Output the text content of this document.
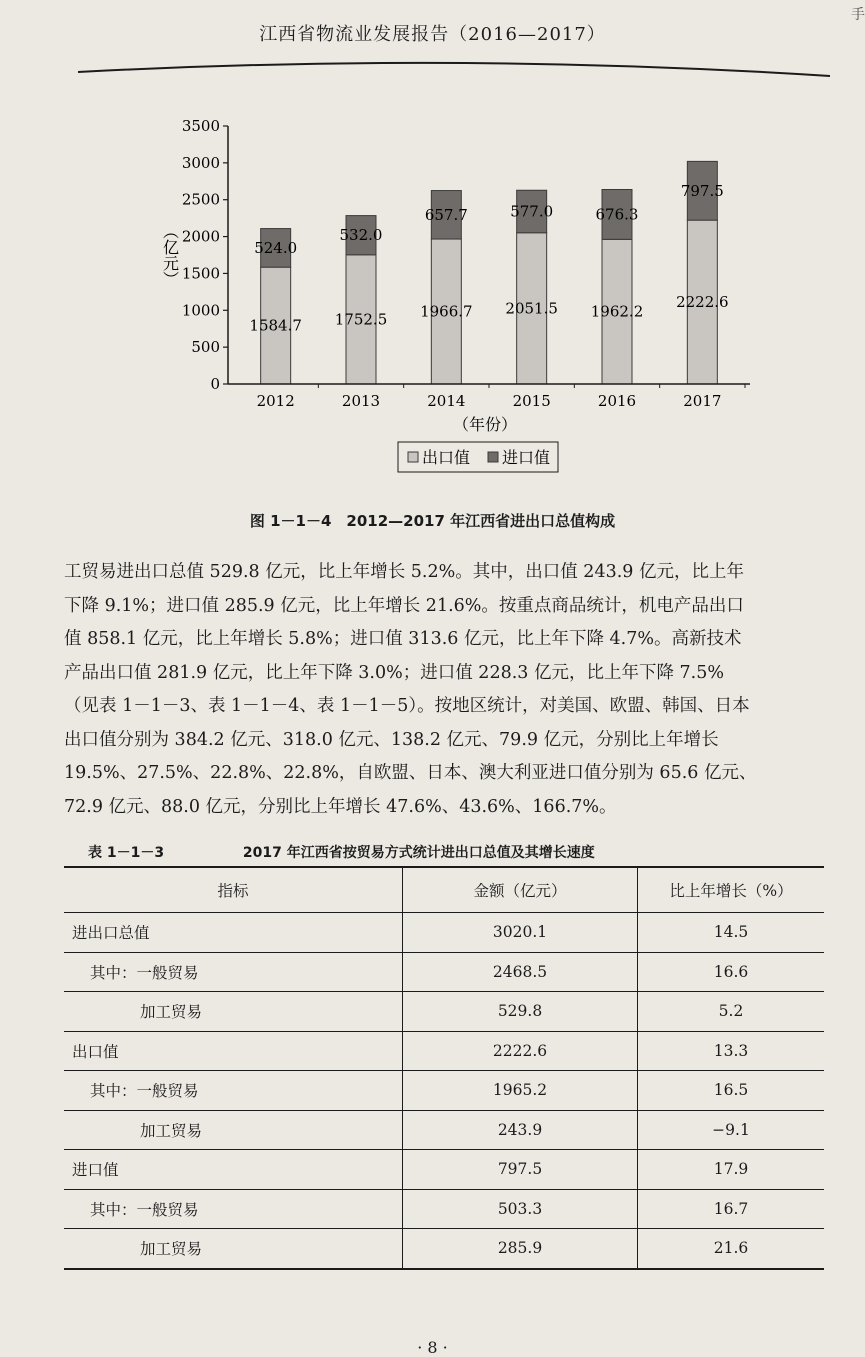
手
江西省物流业发展报告（2016—2017）
1584.7
524.0
1752.5
532.0
1966.7
657.7
2051.5
577.0
1962.2
676.3
2222.6
797.5
0
500
1000
1500
2000
2500
3000
3500
2012	2013	2014	2015	2016	2017
（亿元）
（年份）
出口值 进口值
图 1－1－4　2012—2017 年江西省进出口总值构成
工贸易进出口总值 529.8 亿元，比上年增长 5.2%。其中，出口值 243.9 亿元，比上年
下降 9.1%；进口值 285.9 亿元，比上年增长 21.6%。按重点商品统计，机电产品出口
值 858.1 亿元，比上年增长 5.8%；进口值 313.6 亿元，比上年下降 4.7%。高新技术
产品出口值 281.9 亿元，比上年下降 3.0%；进口值 228.3 亿元，比上年下降 7.5%
（见表 1－1－3、表 1－1－4、表 1－1－5）。按地区统计，对美国、欧盟、韩国、日本
出口值分别为 384.2 亿元、318.0 亿元、138.2 亿元、79.9 亿元，分别比上年增长
19.5%、27.5%、22.8%、22.8%，自欧盟、日本、澳大利亚进口值分别为 65.6 亿元、
72.9 亿元、88.0 亿元，分别比上年增长 47.6%、43.6%、166.7%。
表 1－1－3	2017 年江西省按贸易方式统计进出口总值及其增长速度
指标	金额（亿元）	比上年增长（%）
进出口总值	3020.1	14.5
其中：一般贸易	2468.5	16.6
加工贸易	529.8	5.2
出口值	2222.6	13.3
其中：一般贸易	1965.2	16.5
加工贸易	243.9	−9.1
进口值	797.5	17.9
其中：一般贸易	503.3	16.7
加工贸易	285.9	21.6
· 8 ·
